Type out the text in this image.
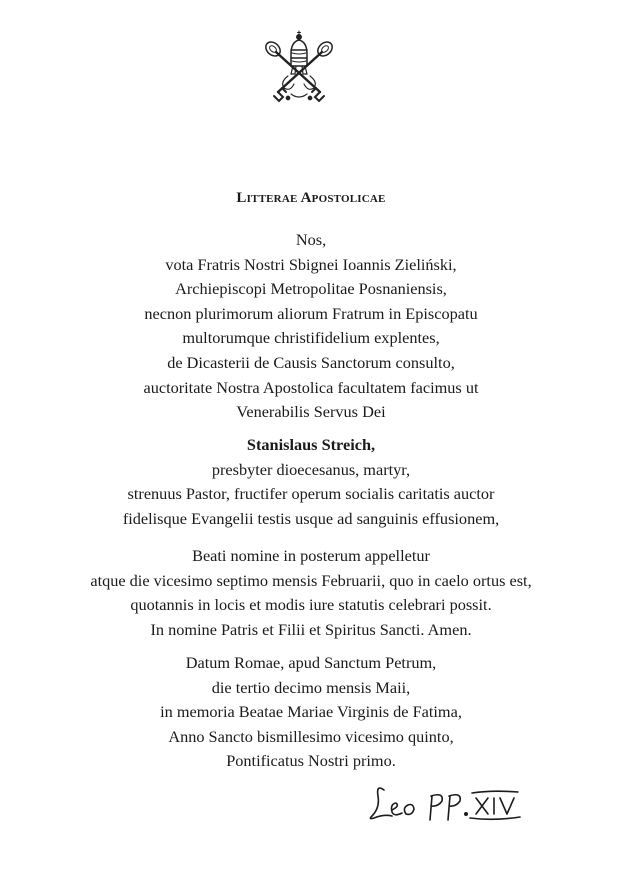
Litterae Apostolicae
Nos,
vota Fratris Nostri Sbignei Ioannis Zieliński,
Archiepiscopi Metropolitae Posnaniensis,
necnon plurimorum aliorum Fratrum in Episcopatu
multorumque christifidelium explentes,
de Dicasterii de Causis Sanctorum consulto,
auctoritate Nostra Apostolica facultatem facimus ut
Venerabilis Servus Dei
Stanislaus Streich,
presbyter dioecesanus, martyr,
strenuus Pastor, fructifer operum socialis caritatis auctor
fidelisque Evangelii testis usque ad sanguinis effusionem,
Beati nomine in posterum appelletur
atque die vicesimo septimo mensis Februarii, quo in caelo ortus est,
quotannis in locis et modis iure statutis celebrari possit.
In nomine Patris et Filii et Spiritus Sancti. Amen.
Datum Romae, apud Sanctum Petrum,
die tertio decimo mensis Maii,
in memoria Beatae Mariae Virginis de Fatima,
Anno Sancto bismillesimo vicesimo quinto,
Pontificatus Nostri primo.
